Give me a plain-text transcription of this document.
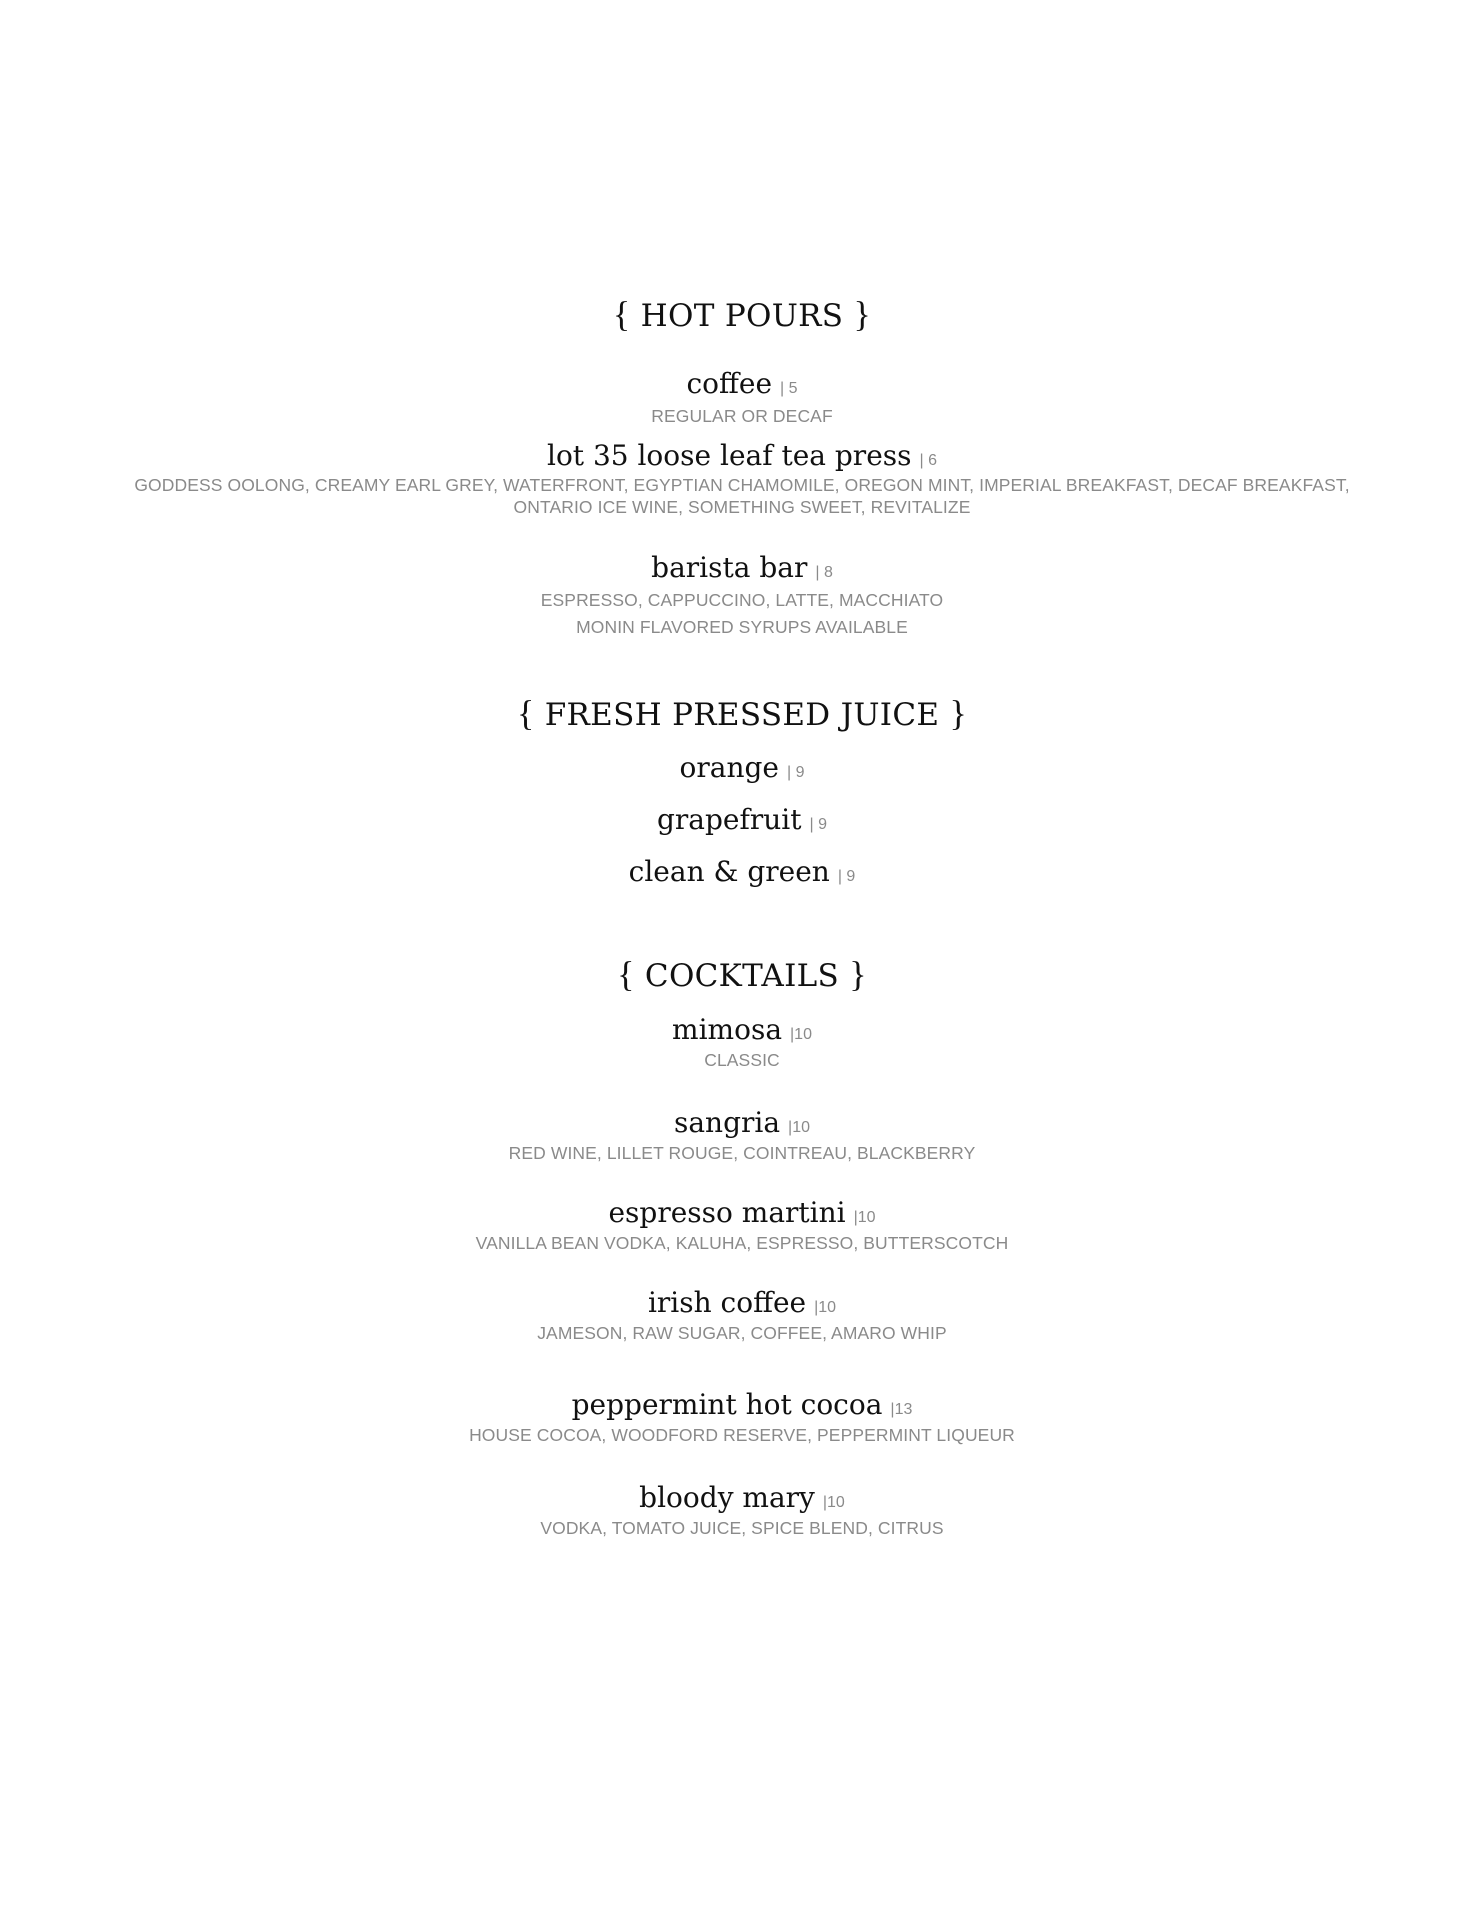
{ HOT POURS }
coffee | 5
REGULAR OR DECAF
lot 35 loose leaf tea press | 6
GODDESS OOLONG, CREAMY EARL GREY, WATERFRONT, EGYPTIAN CHAMOMILE, OREGON MINT, IMPERIAL BREAKFAST, DECAF BREAKFAST,
ONTARIO ICE WINE, SOMETHING SWEET, REVITALIZE
barista bar | 8
ESPRESSO, CAPPUCCINO, LATTE, MACCHIATO
MONIN FLAVORED SYRUPS AVAILABLE
{ FRESH PRESSED JUICE }
orange | 9
grapefruit | 9
clean & green | 9
{ COCKTAILS }
mimosa |10
CLASSIC
sangria |10
RED WINE, LILLET ROUGE, COINTREAU, BLACKBERRY
espresso martini |10
VANILLA BEAN VODKA, KALUHA, ESPRESSO, BUTTERSCOTCH
irish coffee |10
JAMESON, RAW SUGAR, COFFEE, AMARO WHIP
peppermint hot cocoa |13
HOUSE COCOA, WOODFORD RESERVE, PEPPERMINT LIQUEUR
bloody mary |10
VODKA, TOMATO JUICE, SPICE BLEND, CITRUS
